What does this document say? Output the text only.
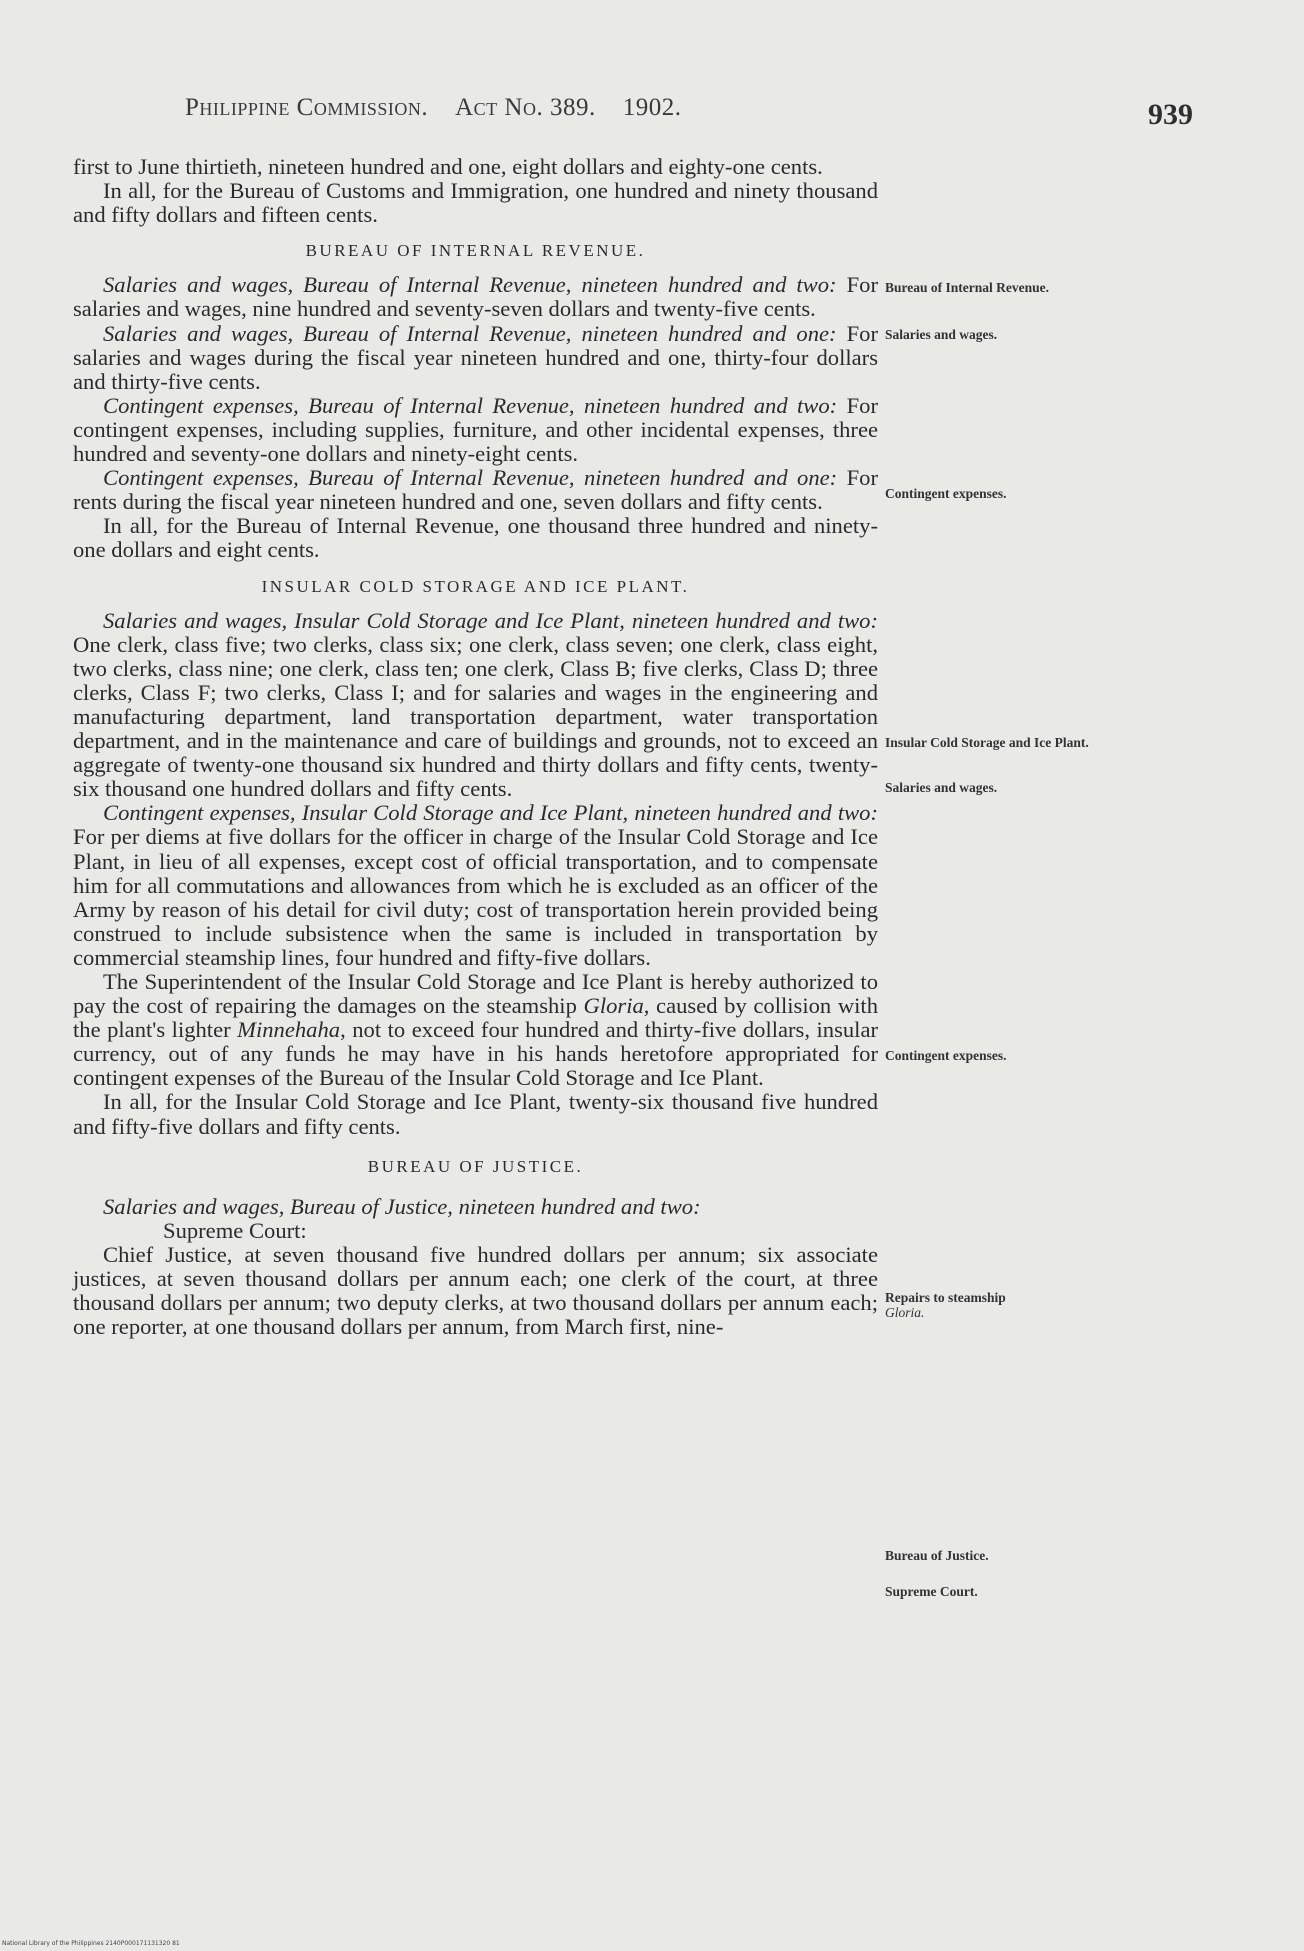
Philippine Commission. Act No. 389. 1902.	939

first to June thirtieth, nineteen hundred and one, eight dollars and eighty-one cents.

In all, for the Bureau of Customs and Immigration, one hundred and ninety thousand and fifty dollars and fifteen cents.

BUREAU OF INTERNAL REVENUE.

Salaries and wages, Bureau of Internal Revenue, nineteen hundred and two: For salaries and wages, nine hundred and seventy-seven dollars and twenty-five cents.

Salaries and wages, Bureau of Internal Revenue, nineteen hundred and one: For salaries and wages during the fiscal year nineteen hundred and one, thirty-four dollars and thirty-five cents.

Contingent expenses, Bureau of Internal Revenue, nineteen hundred and two: For contingent expenses, including supplies, furniture, and other incidental expenses, three hundred and seventy-one dollars and ninety-eight cents.

Contingent expenses, Bureau of Internal Revenue, nineteen hundred and one: For rents during the fiscal year nineteen hundred and one, seven dollars and fifty cents.

In all, for the Bureau of Internal Revenue, one thousand three hundred and ninety-one dollars and eight cents.

INSULAR COLD STORAGE AND ICE PLANT.

Salaries and wages, Insular Cold Storage and Ice Plant, nineteen hundred and two: One clerk, class five; two clerks, class six; one clerk, class seven; one clerk, class eight, two clerks, class nine; one clerk, class ten; one clerk, Class B; five clerks, Class D; three clerks, Class F; two clerks, Class I; and for salaries and wages in the engineering and manufacturing department, land transportation department, water transportation department, and in the maintenance and care of buildings and grounds, not to exceed an aggregate of twenty-one thousand six hundred and thirty dollars and fifty cents, twenty-six thousand one hundred dollars and fifty cents.

Contingent expenses, Insular Cold Storage and Ice Plant, nineteen hundred and two: For per diems at five dollars for the officer in charge of the Insular Cold Storage and Ice Plant, in lieu of all expenses, except cost of official transportation, and to compensate him for all commutations and allowances from which he is excluded as an officer of the Army by reason of his detail for civil duty; cost of transportation herein provided being construed to include subsistence when the same is included in transportation by commercial steamship lines, four hundred and fifty-five dollars.

The Superintendent of the Insular Cold Storage and Ice Plant is hereby authorized to pay the cost of repairing the damages on the steamship Gloria, caused by collision with the plant's lighter Minnehaha, not to exceed four hundred and thirty-five dollars, insular currency, out of any funds he may have in his hands heretofore appropriated for contingent expenses of the Bureau of the Insular Cold Storage and Ice Plant.

In all, for the Insular Cold Storage and Ice Plant, twenty-six thousand five hundred and fifty-five dollars and fifty cents.

BUREAU OF JUSTICE.

Salaries and wages, Bureau of Justice, nineteen hundred and two:

Supreme Court:

Chief Justice, at seven thousand five hundred dollars per annum; six associate justices, at seven thousand dollars per annum each; one clerk of the court, at three thousand dollars per annum; two deputy clerks, at two thousand dollars per annum each; one reporter, at one thousand dollars per annum, from March first, nine-

Bureau of Internal Revenue.
Salaries and wages.
Contingent expenses.
Insular Cold Storage and Ice Plant.
Salaries and wages.
Contingent expenses.
Repairs to steamship
Gloria.
Bureau of Justice.
Supreme Court.
National Library of the Philippines 2140P000171131320 81
